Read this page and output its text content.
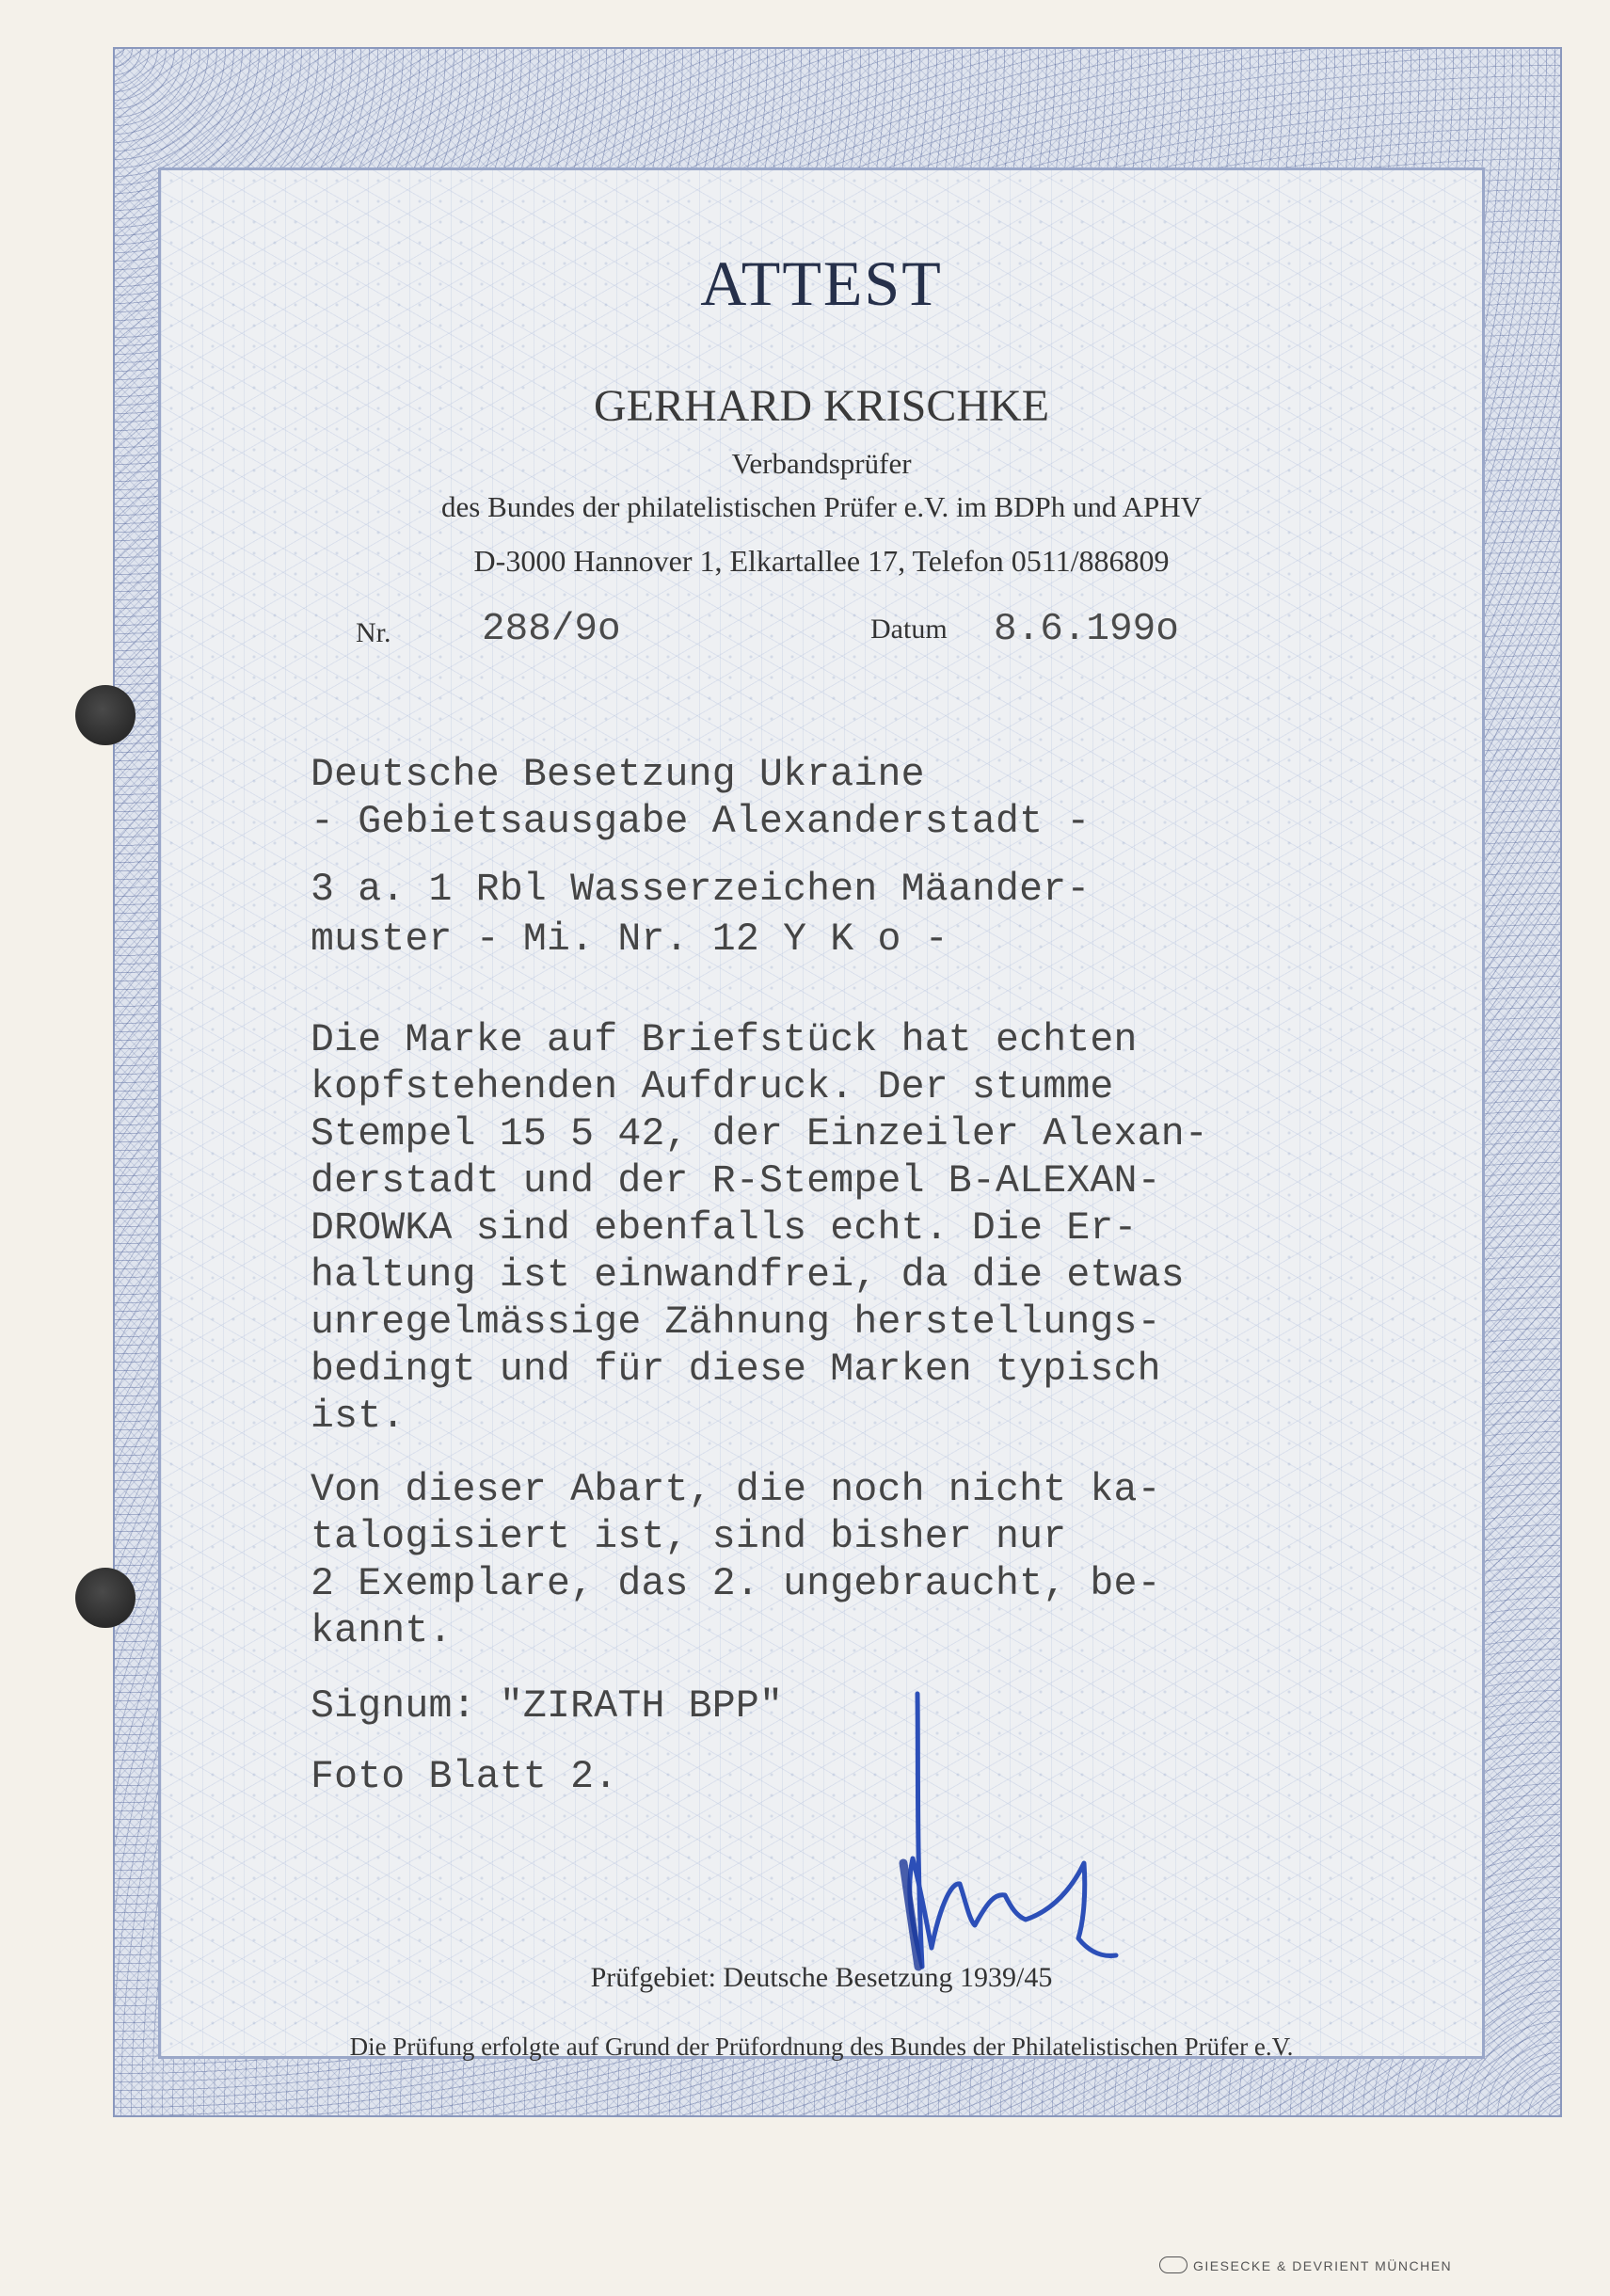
ATTEST
GERHARD KRISCHKE
Verbandsprüfer
des Bundes der philatelistischen Prüfer e.V. im BDPh und APHV
D-3000 Hannover 1, Elkartallee 17, Telefon 0511/886809
Nr. 288/9o	Datum 8.6.199o
Deutsche Besetzung Ukraine
- Gebietsausgabe Alexanderstadt -
3 a. 1 Rbl Wasserzeichen Mäander-
muster - Mi. Nr. 12 Y K o -
Die Marke auf Briefstück hat echten
kopfstehenden Aufdruck. Der stumme
Stempel 15 5 42, der Einzeiler Alexan-
derstadt und der R-Stempel B-ALEXAN-
DROWKA sind ebenfalls echt. Die Er-
haltung ist einwandfrei, da die etwas
unregelmässige Zähnung herstellungs-
bedingt und für diese Marken typisch
ist.
Von dieser Abart, die noch nicht ka-
talogisiert ist, sind bisher nur
2 Exemplare, das 2. ungebraucht, be-
kannt.
Signum: "ZIRATH BPP"
Foto Blatt 2.
Prüfgebiet: Deutsche Besetzung 1939/45
Die Prüfung erfolgte auf Grund der Prüfordnung des Bundes der Philatelistischen Prüfer e.V.
GIESECKE & DEVRIENT MÜNCHEN
